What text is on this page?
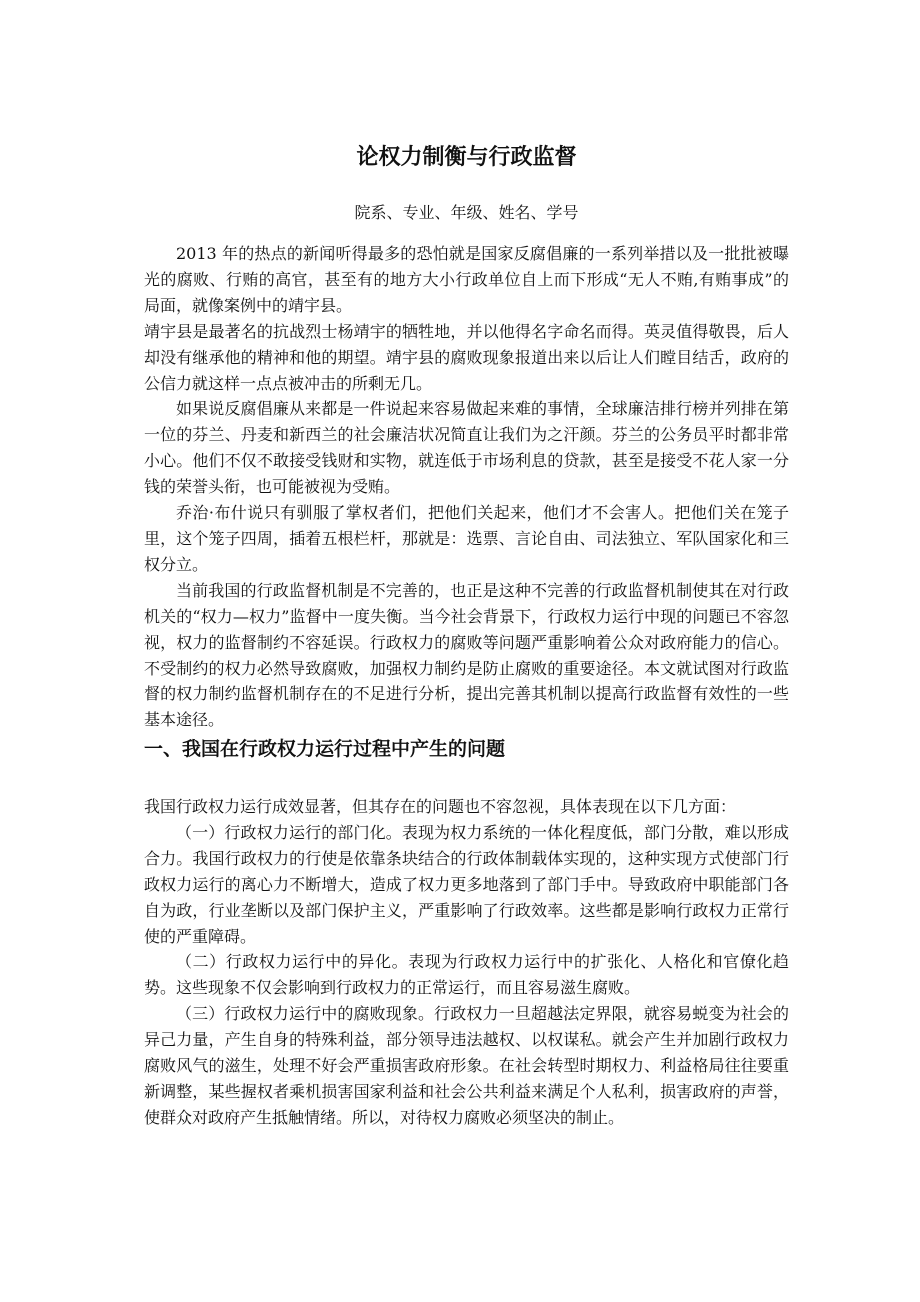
论权力制衡与行政监督

院系、专业、年级、姓名、学号

2013 年的热点的新闻听得最多的恐怕就是国家反腐倡廉的一系列举措以及一批批被曝光的腐败、行贿的高官，甚至有的地方大小行政单位自上而下形成“无人不贿,有贿事成”的局面，就像案例中的靖宇县。

靖宇县是最著名的抗战烈士杨靖宇的牺牲地，并以他得名字命名而得。英灵值得敬畏，后人却没有继承他的精神和他的期望。靖宇县的腐败现象报道出来以后让人们瞠目结舌，政府的公信力就这样一点点被冲击的所剩无几。

如果说反腐倡廉从来都是一件说起来容易做起来难的事情，全球廉洁排行榜并列排在第一位的芬兰、丹麦和新西兰的社会廉洁状况简直让我们为之汗颜。芬兰的公务员平时都非常小心。他们不仅不敢接受钱财和实物，就连低于市场利息的贷款，甚至是接受不花人家一分钱的荣誉头衔，也可能被视为受贿。

乔治·布什说只有驯服了掌权者们，把他们关起来，他们才不会害人。把他们关在笼子里，这个笼子四周，插着五根栏杆，那就是：选票、言论自由、司法独立、军队国家化和三权分立。

当前我国的行政监督机制是不完善的，也正是这种不完善的行政监督机制使其在对行政机关的“权力—权力”监督中一度失衡。当今社会背景下，行政权力运行中现的问题已不容忽视，权力的监督制约不容延误。行政权力的腐败等问题严重影响着公众对政府能力的信心。不受制约的权力必然导致腐败，加强权力制约是防止腐败的重要途径。本文就试图对行政监督的权力制约监督机制存在的不足进行分析，提出完善其机制以提高行政监督有效性的一些基本途径。

一、我国在行政权力运行过程中产生的问题

我国行政权力运行成效显著，但其存在的问题也不容忽视，具体表现在以下几方面：

（一）行政权力运行的部门化。表现为权力系统的一体化程度低，部门分散，难以形成合力。我国行政权力的行使是依靠条块结合的行政体制载体实现的，这种实现方式使部门行政权力运行的离心力不断增大，造成了权力更多地落到了部门手中。导致政府中职能部门各自为政，行业垄断以及部门保护主义，严重影响了行政效率。这些都是影响行政权力正常行使的严重障碍。

（二）行政权力运行中的异化。表现为行政权力运行中的扩张化、人格化和官僚化趋势。这些现象不仅会影响到行政权力的正常运行，而且容易滋生腐败。

（三）行政权力运行中的腐败现象。行政权力一旦超越法定界限，就容易蜕变为社会的异己力量，产生自身的特殊利益，部分领导违法越权、以权谋私。就会产生并加剧行政权力腐败风气的滋生，处理不好会严重损害政府形象。在社会转型时期权力、利益格局往往要重新调整，某些握权者乘机损害国家利益和社会公共利益来满足个人私利，损害政府的声誉，使群众对政府产生抵触情绪。所以，对待权力腐败必须坚决的制止。
